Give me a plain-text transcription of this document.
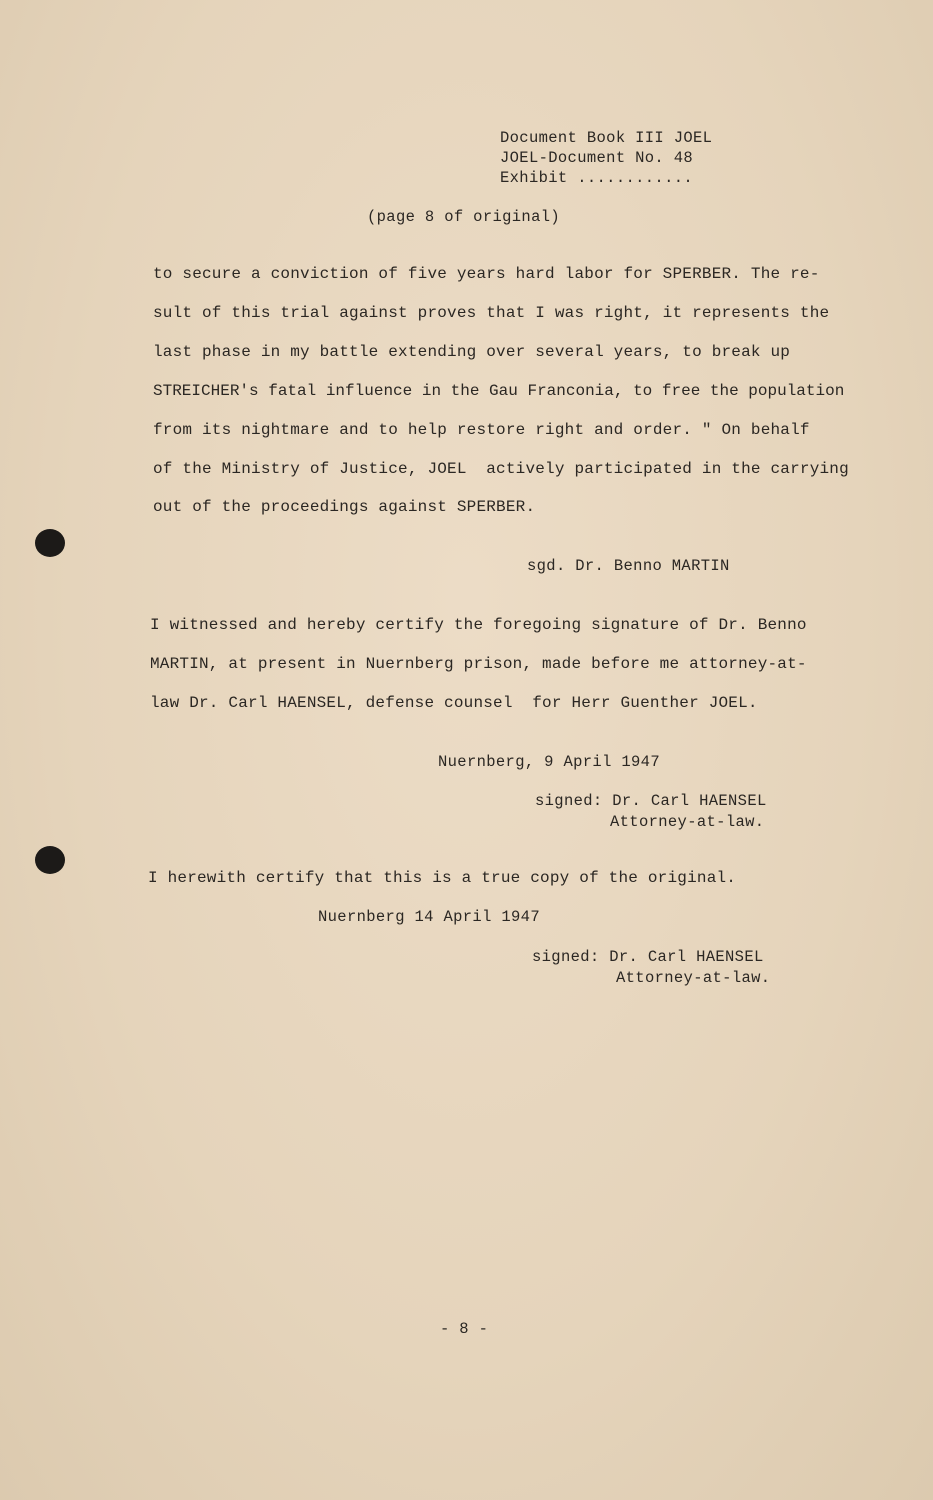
Document Book III JOEL
JOEL-Document No. 48
Exhibit ............
(page 8 of original)
to secure a conviction of five years hard labor for SPERBER. The re-
sult of this trial against proves that I was right, it represents the
last phase in my battle extending over several years, to break up
STREICHER's fatal influence in the Gau Franconia, to free the population
from its nightmare and to help restore right and order. " On behalf
of the Ministry of Justice, JOEL  actively participated in the carrying
out of the proceedings against SPERBER.
sgd. Dr. Benno MARTIN
I witnessed and hereby certify the foregoing signature of Dr. Benno
MARTIN, at present in Nuernberg prison, made before me attorney-at-
law Dr. Carl HAENSEL, defense counsel  for Herr Guenther JOEL.
Nuernberg, 9 April 1947
signed: Dr. Carl HAENSEL
Attorney-at-law.
I herewith certify that this is a true copy of the original.
Nuernberg 14 April 1947
signed: Dr. Carl HAENSEL
Attorney-at-law.
- 8 -
